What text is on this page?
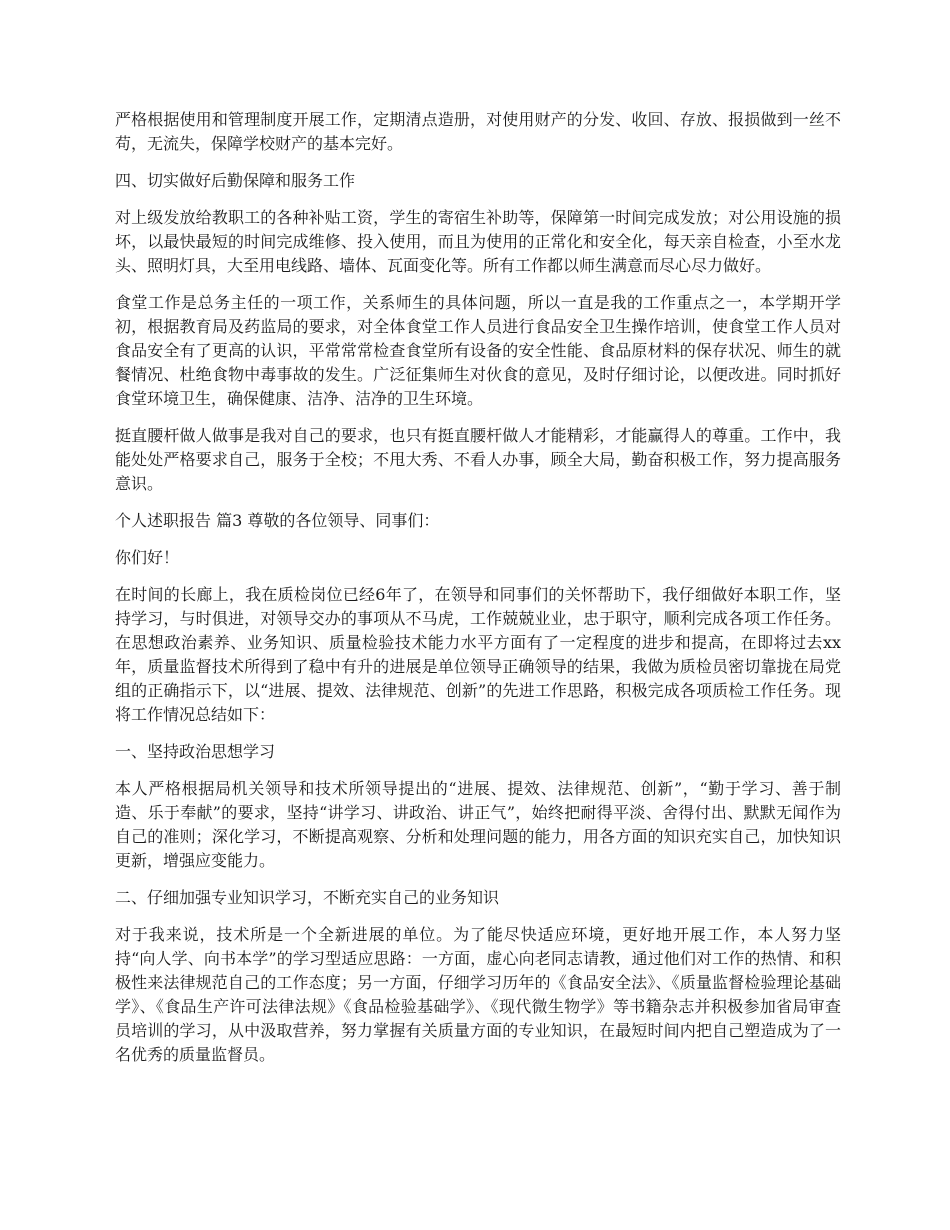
严格根据使用和管理制度开展工作，定期清点造册，对使用财产的分发、收回、存放、报损做到一丝不苟，无流失，保障学校财产的基本完好。

四、切实做好后勤保障和服务工作

对上级发放给教职工的各种补贴工资，学生的寄宿生补助等，保障第一时间完成发放；对公用设施的损坏，以最快最短的时间完成维修、投入使用，而且为使用的正常化和安全化，每天亲自检查，小至水龙头、照明灯具，大至用电线路、墙体、瓦面变化等。所有工作都以师生满意而尽心尽力做好。

食堂工作是总务主任的一项工作，关系师生的具体问题，所以一直是我的工作重点之一，本学期开学初，根据教育局及药监局的要求，对全体食堂工作人员进行食品安全卫生操作培训，使食堂工作人员对食品安全有了更高的认识，平常常常检查食堂所有设备的安全性能、食品原材料的保存状况、师生的就餐情况、杜绝食物中毒事故的发生。广泛征集师生对伙食的意见，及时仔细讨论，以便改进。同时抓好食堂环境卫生，确保健康、洁净、洁净的卫生环境。

挺直腰杆做人做事是我对自己的要求，也只有挺直腰杆做人才能精彩，才能赢得人的尊重。工作中，我能处处严格要求自己，服务于全校；不甩大秀、不看人办事，顾全大局，勤奋积极工作，努力提高服务意识。

个人述职报告 篇3 尊敬的各位领导、同事们：

你们好！

在时间的长廊上，我在质检岗位已经6年了，在领导和同事们的关怀帮助下，我仔细做好本职工作，坚持学习，与时俱进，对领导交办的事项从不马虎，工作兢兢业业，忠于职守，顺利完成各项工作任务。在思想政治素养、业务知识、质量检验技术能力水平方面有了一定程度的进步和提高，在即将过去xx年，质量监督技术所得到了稳中有升的进展是单位领导正确领导的结果，我做为质检员密切靠拢在局党组的正确指示下，以“进展、提效、法律规范、创新”的先进工作思路，积极完成各项质检工作任务。现将工作情况总结如下：

一、坚持政治思想学习

本人严格根据局机关领导和技术所领导提出的“进展、提效、法律规范、创新”，“勤于学习、善于制造、乐于奉献”的要求，坚持“讲学习、讲政治、讲正气”，始终把耐得平淡、舍得付出、默默无闻作为自己的准则；深化学习，不断提高观察、分析和处理问题的能力，用各方面的知识充实自己，加快知识更新，增强应变能力。

二、仔细加强专业知识学习，不断充实自己的业务知识

对于我来说，技术所是一个全新进展的单位。为了能尽快适应环境，更好地开展工作，本人努力坚持“向人学、向书本学”的学习型适应思路：一方面，虚心向老同志请教，通过他们对工作的热情、和积极性来法律规范自己的工作态度；另一方面，仔细学习历年的《食品安全法》、《质量监督检验理论基础学》、《食品生产许可法律法规》《食品检验基础学》、《现代微生物学》等书籍杂志并积极参加省局审查员培训的学习，从中汲取营养，努力掌握有关质量方面的专业知识，在最短时间内把自己塑造成为了一名优秀的质量监督员。
